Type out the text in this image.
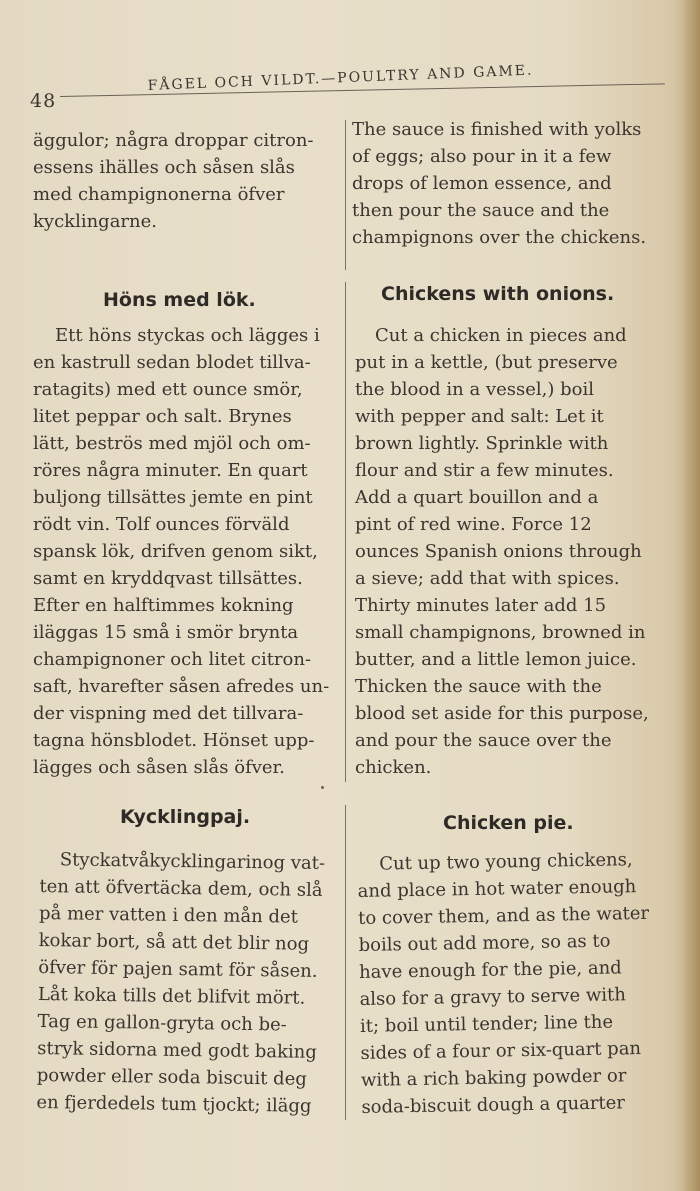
48
FÅGEL OCH VILDT.—POULTRY AND GAME.
äggulor; några droppar citron-
essens ihälles och såsen slås
med champignonerna öfver
kycklingarne.
The sauce is finished with yolks
of eggs; also pour in it a few
drops of lemon essence, and
then pour the sauce and the
champignons over the chickens.
Höns med lök.	Chickens with onions.
Ett höns styckas och lägges i
en kastrull sedan blodet tillva-
ratagits) med ett ounce smör,
litet peppar och salt. Brynes
lätt, beströs med mjöl och om-
röres några minuter. En quart
buljong tillsättes jemte en pint
rödt vin. Tolf ounces förväld
spansk lök, drifven genom sikt,
samt en kryddqvast tillsättes.
Efter en halftimmes kokning
iläggas 15 små i smör brynta
champignoner och litet citron-
saft, hvarefter såsen afredes un-
der vispning med det tillvara-
tagna hönsblodet. Hönset upp-
lägges och såsen slås öfver.
Cut a chicken in pieces and
put in a kettle, (but preserve
the blood in a vessel,) boil
with pepper and salt: Let it
brown lightly. Sprinkle with
flour and stir a few minutes.
Add a quart bouillon and a
pint of red wine. Force 12
ounces Spanish onions through
a sieve; add that with spices.
Thirty minutes later add 15
small champignons, browned in
butter, and a little lemon juice.
Thicken the sauce with the
blood set aside for this purpose,
and pour the sauce over the
chicken.
Kycklingpaj.	Chicken pie.
Styckatvåkycklingarinog vat-
ten att öfvertäcka dem, och slå
på mer vatten i den mån det
kokar bort, så att det blir nog
öfver för pajen samt för såsen.
Låt koka tills det blifvit mört.
Tag en gallon-gryta och be-
stryk sidorna med godt baking
powder eller soda biscuit deg
en fjerdedels tum tjockt; ilägg
Cut up two young chickens,
and place in hot water enough
to cover them, and as the water
boils out add more, so as to
have enough for the pie, and
also for a gravy to serve with
it; boil until tender; line the
sides of a four or six-quart pan
with a rich baking powder or
soda-biscuit dough a quarter
